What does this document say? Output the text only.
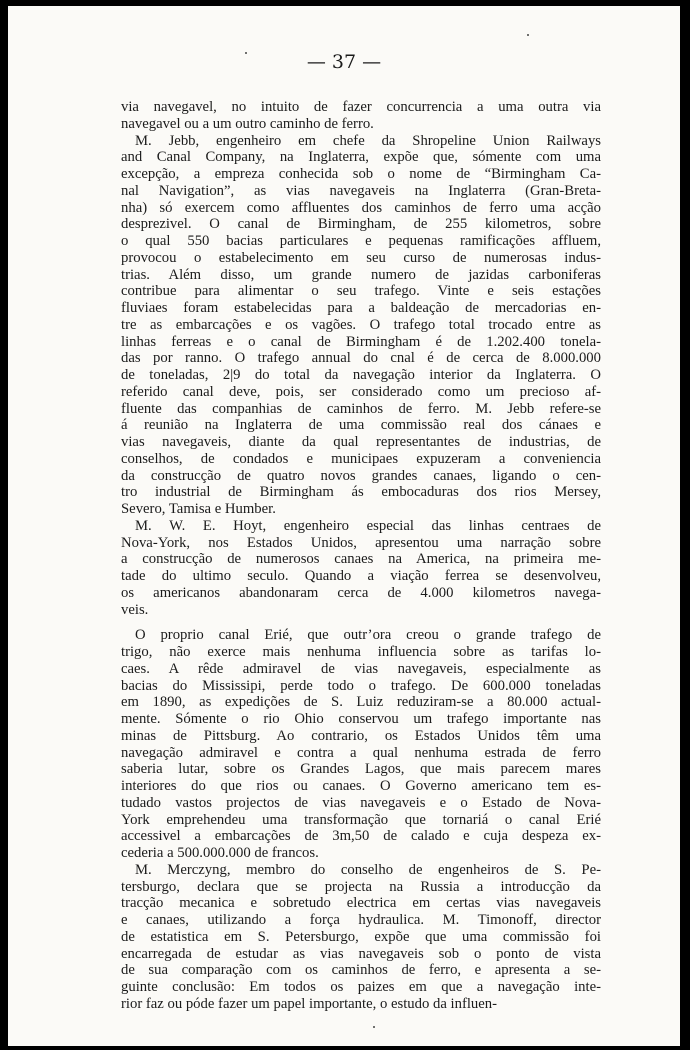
— 37 —
via navegavel, no intuito de fazer concurrencia a uma outra via
navegavel ou a um outro caminho de ferro.
M. Jebb, engenheiro em chefe da Shropeline Union Railways
and Canal Company, na Inglaterra, expõe que, sómente com uma
excepção, a empreza conhecida sob o nome de “Birmingham Ca-
nal Navigation”, as vias navegaveis na Inglaterra (Gran-Breta-
nha) só exercem como affluentes dos caminhos de ferro uma acção
desprezivel. O canal de Birmingham, de 255 kilometros, sobre
o qual 550 bacias particulares e pequenas ramificações affluem,
provocou o estabelecimento em seu curso de numerosas indus-
trias. Além disso, um grande numero de jazidas carboniferas
contribue para alimentar o seu trafego. Vinte e seis estações
fluviaes foram estabelecidas para a baldeação de mercadorias en-
tre as embarcações e os vagões. O trafego total trocado entre as
linhas ferreas e o canal de Birmingham é de 1.202.400 tonela-
das por ranno. O trafego annual do cnal é de cerca de 8.000.000
de toneladas, 2|9 do total da navegação interior da Inglaterra. O
referido canal deve, pois, ser considerado como um precioso af-
fluente das companhias de caminhos de ferro. M. Jebb refere-se
á reunião na Inglaterra de uma commissão real dos cánaes e
vias navegaveis, diante da qual representantes de industrias, de
conselhos, de condados e municipaes expuzeram a conveniencia
da construcção de quatro novos grandes canaes, ligando o cen-
tro industrial de Birmingham ás embocaduras dos rios Mersey,
Severo, Tamisa e Humber.
M. W. E. Hoyt, engenheiro especial das linhas centraes de
Nova-York, nos Estados Unidos, apresentou uma narração sobre
a construcção de numerosos canaes na America, na primeira me-
tade do ultimo seculo. Quando a viação ferrea se desenvolveu,
os americanos abandonaram cerca de 4.000 kilometros navega-
veis.
O proprio canal Erié, que outr’ora creou o grande trafego de
trigo, não exerce mais nenhuma influencia sobre as tarifas lo-
caes. A rêde admiravel de vias navegaveis, especialmente as
bacias do Mississipi, perde todo o trafego. De 600.000 toneladas
em 1890, as expedições de S. Luiz reduziram-se a 80.000 actual-
mente. Sómente o rio Ohio conservou um trafego importante nas
minas de Pittsburg. Ao contrario, os Estados Unidos têm uma
navegação admiravel e contra a qual nenhuma estrada de ferro
saberia lutar, sobre os Grandes Lagos, que mais parecem mares
interiores do que rios ou canaes. O Governo americano tem es-
tudado vastos projectos de vias navegaveis e o Estado de Nova-
York emprehendeu uma transformação que tornariá o canal Erié
accessivel a embarcações de 3m,50 de calado e cuja despeza ex-
cederia a 500.000.000 de francos.
M. Merczyng, membro do conselho de engenheiros de S. Pe-
tersburgo, declara que se projecta na Russia a introducção da
tracção mecanica e sobretudo electrica em certas vias navegaveis
e canaes, utilizando a força hydraulica. M. Timonoff, director
de estatistica em S. Petersburgo, expõe que uma commissão foi
encarregada de estudar as vias navegaveis sob o ponto de vista
de sua comparação com os caminhos de ferro, e apresenta a se-
guinte conclusão: Em todos os paizes em que a navegação inte-
rior faz ou póde fazer um papel importante, o estudo da influen-
